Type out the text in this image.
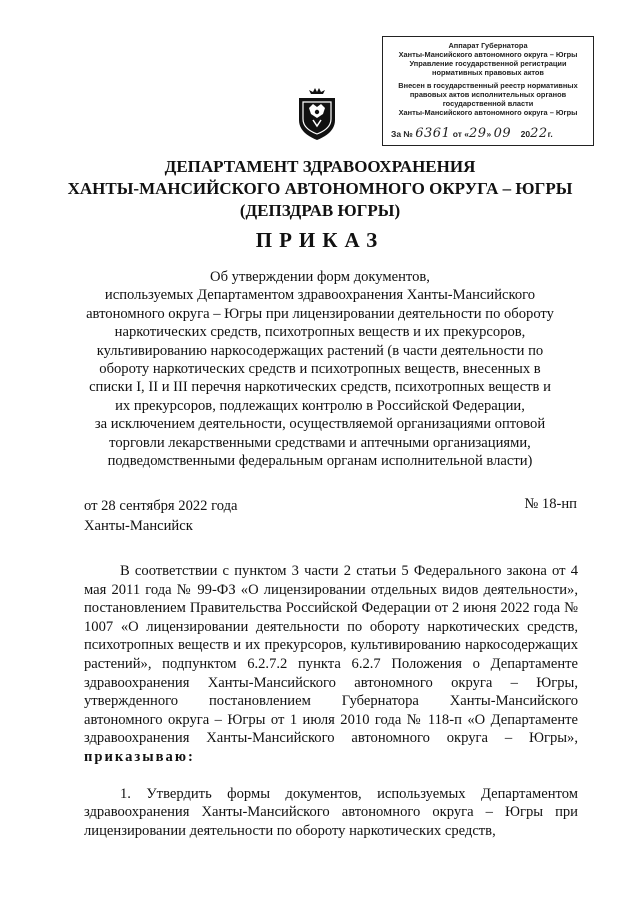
Аппарат Губернатора
Ханты-Мансийского автономного округа – Югры
Управление государственной регистрации
нормативных правовых актов
Внесен в государственный реестр нормативных
правовых актов исполнительных органов
государственной власти
Ханты-Мансийского автономного округа – Югры
За № 6361 от «29» 09 2022г.
ДЕПАРТАМЕНТ ЗДРАВООХРАНЕНИЯ
ХАНТЫ-МАНСИЙСКОГО АВТОНОМНОГО ОКРУГА – ЮГРЫ
(ДЕПЗДРАВ ЮГРЫ)
ПРИКАЗ
Об утверждении форм документов,
используемых Департаментом здравоохранения Ханты-Мансийского
автономного округа – Югры при лицензировании деятельности по обороту
наркотических средств, психотропных веществ и их прекурсоров,
культивированию наркосодержащих растений (в части деятельности по
обороту наркотических средств и психотропных веществ, внесенных в
списки I, II и III перечня наркотических средств, психотропных веществ и
их прекурсоров, подлежащих контролю в Российской Федерации,
за исключением деятельности, осуществляемой организациями оптовой
торговли лекарственными средствами и аптечными организациями,
подведомственными федеральным органам исполнительной власти)
от 28 сентября 2022 года
Ханты-Мансийск
№ 18-нп

В соответствии с пунктом 3 части 2 статьи 5 Федерального закона от 4 мая 2011 года № 99-ФЗ «О лицензировании отдельных видов деятельности», постановлением Правительства Российской Федерации от 2 июня 2022 года № 1007 «О лицензировании деятельности по обороту наркотических средств, психотропных веществ и их прекурсоров, культивированию наркосодержащих растений», подпунктом 6.2.7.2 пункта 6.2.7 Положения о Департаменте здравоохранения Ханты-Мансийского автономного округа – Югры, утвержденного постановлением Губернатора Ханты-Мансийского автономного округа – Югры от 1 июля 2010 года № 118-п «О Департаменте здравоохранения Ханты-Мансийского автономного округа – Югры», приказываю:

1. Утвердить формы документов, используемых Департаментом здравоохранения Ханты-Мансийского автономного округа – Югры при лицензировании деятельности по обороту наркотических средств,
